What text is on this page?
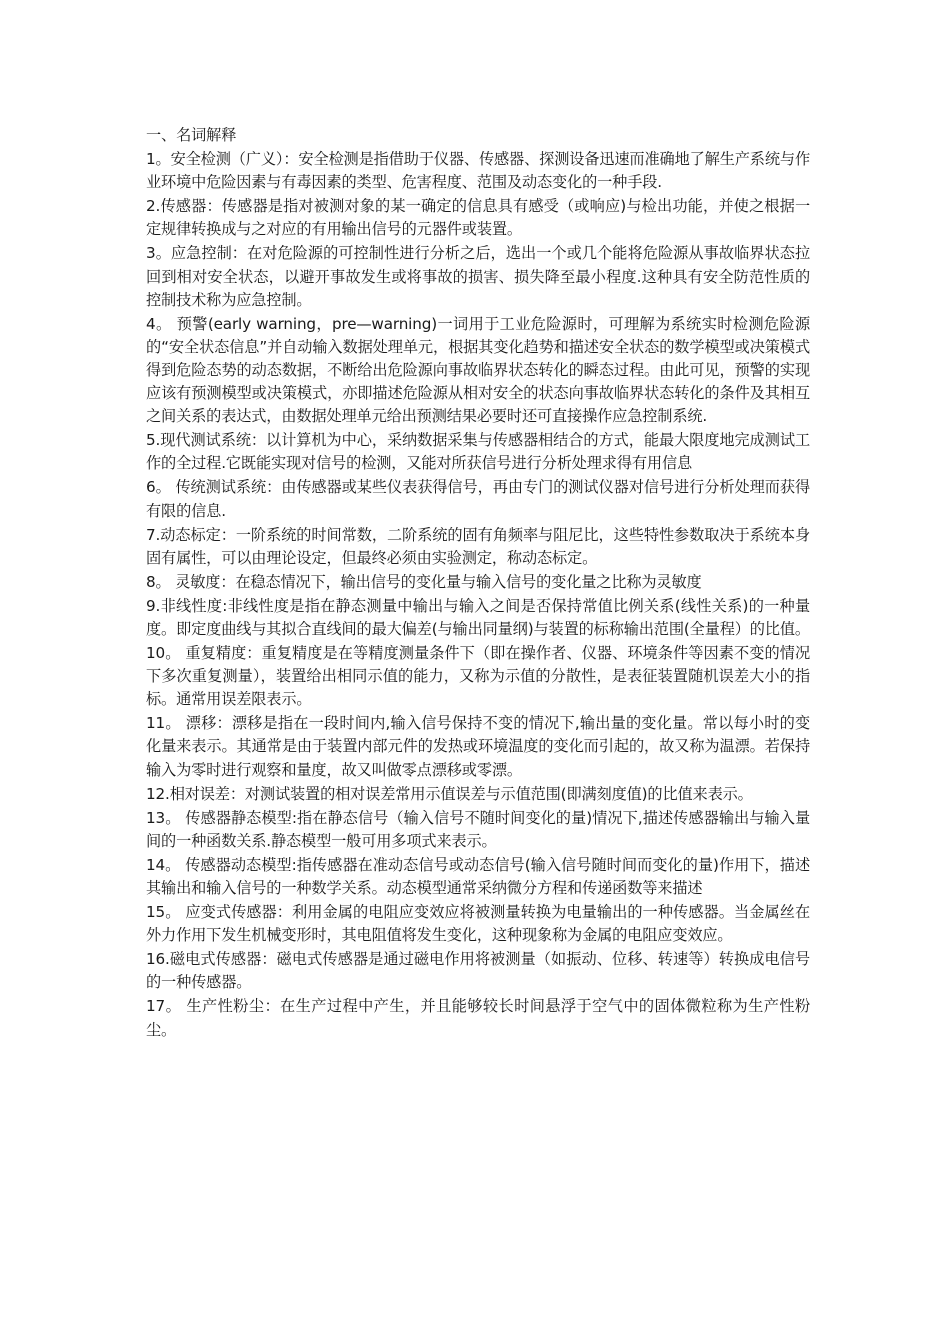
一、名词解释

1。安全检测（广义）：安全检测是指借助于仪器、传感器、探测设备迅速而准确地了解生产系统与作业环境中危险因素与有毒因素的类型、危害程度、范围及动态变化的一种手段.

2.传感器：传感器是指对被测对象的某一确定的信息具有感受（或响应)与检出功能，并使之根据一定规律转换成与之对应的有用输出信号的元器件或装置。

3。应急控制：在对危险源的可控制性进行分析之后，选出一个或几个能将危险源从事故临界状态拉回到相对安全状态，以避开事故发生或将事故的损害、损失降至最小程度.这种具有安全防范性质的控制技术称为应急控制。

4。 预警(early warning，pre—warning)一词用于工业危险源时，可理解为系统实时检测危险源的“安全状态信息”并自动输入数据处理单元，根据其变化趋势和描述安全状态的数学模型或决策模式得到危险态势的动态数据，不断给出危险源向事故临界状态转化的瞬态过程。由此可见，预警的实现应该有预测模型或决策模式，亦即描述危险源从相对安全的状态向事故临界状态转化的条件及其相互之间关系的表达式，由数据处理单元给出预测结果必要时还可直接操作应急控制系统.

5.现代测试系统：以计算机为中心，采纳数据采集与传感器相结合的方式，能最大限度地完成测试工作的全过程.它既能实现对信号的检测，又能对所获信号进行分析处理求得有用信息

6。 传统测试系统：由传感器或某些仪表获得信号，再由专门的测试仪器对信号进行分析处理而获得有限的信息.

7.动态标定：一阶系统的时间常数，二阶系统的固有角频率与阻尼比，这些特性参数取决于系统本身固有属性，可以由理论设定，但最终必须由实验测定，称动态标定。

8。 灵敏度：在稳态情况下，输出信号的变化量与输入信号的变化量之比称为灵敏度

9.非线性度:非线性度是指在静态测量中输出与输入之间是否保持常值比例关系(线性关系)的一种量度。即定度曲线与其拟合直线间的最大偏差(与输出同量纲)与装置的标称输出范围(全量程）的比值。

10。 重复精度：重复精度是在等精度测量条件下（即在操作者、仪器、环境条件等因素不变的情况下多次重复测量），装置给出相同示值的能力，又称为示值的分散性，是表征装置随机误差大小的指标。通常用误差限表示。

11。 漂移：漂移是指在一段时间内,输入信号保持不变的情况下,输出量的变化量。常以每小时的变化量来表示。其通常是由于装置内部元件的发热或环境温度的变化而引起的，故又称为温漂。若保持输入为零时进行观察和量度，故又叫做零点漂移或零漂。

12.相对误差：对测试装置的相对误差常用示值误差与示值范围(即满刻度值)的比值来表示。

13。 传感器静态模型:指在静态信号（输入信号不随时间变化的量)情况下,描述传感器输出与输入量间的一种函数关系.静态模型一般可用多项式来表示。

14。 传感器动态模型:指传感器在准动态信号或动态信号(输入信号随时间而变化的量)作用下，描述其输出和输入信号的一种数学关系。动态模型通常采纳微分方程和传递函数等来描述

15。 应变式传感器：利用金属的电阻应变效应将被测量转换为电量输出的一种传感器。当金属丝在外力作用下发生机械变形时，其电阻值将发生变化，这种现象称为金属的电阻应变效应。

16.磁电式传感器：磁电式传感器是通过磁电作用将被测量（如振动、位移、转速等）转换成电信号的一种传感器。

17。 生产性粉尘：在生产过程中产生，并且能够较长时间悬浮于空气中的固体微粒称为生产性粉尘。
